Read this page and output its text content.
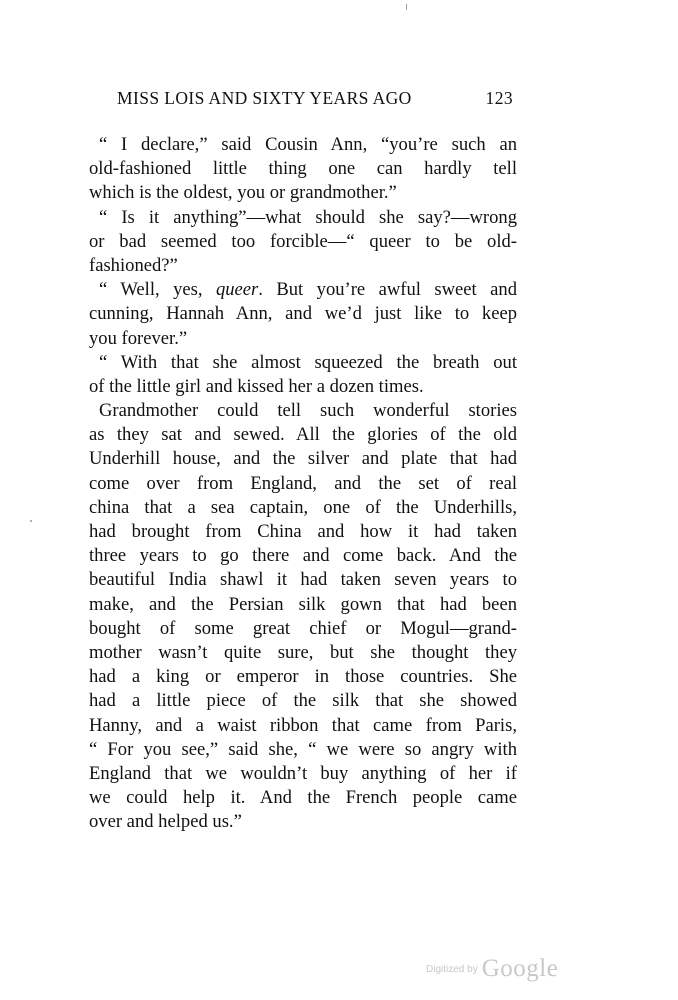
MISS LOIS AND SIXTY YEARS AGO	123
“ I declare,” said Cousin Ann, “you’re such an
old-fashioned little thing one can hardly tell
which is the oldest, you or grandmother.”
“ Is it anything”—what should she say?—wrong
or bad seemed too forcible—“ queer to be old-
fashioned?”
“ Well, yes, queer. But you’re awful sweet and
cunning, Hannah Ann, and we’d just like to keep
you forever.”
“ With that she almost squeezed the breath out
of the little girl and kissed her a dozen times.
Grandmother could tell such wonderful stories
as they sat and sewed. All the glories of the old
Underhill house, and the silver and plate that had
come over from England, and the set of real
china that a sea captain, one of the Underhills,
had brought from China and how it had taken
three years to go there and come back. And the
beautiful India shawl it had taken seven years to
make, and the Persian silk gown that had been
bought of some great chief or Mogul—grand-
mother wasn’t quite sure, but she thought they
had a king or emperor in those countries. She
had a little piece of the silk that she showed
Hanny, and a waist ribbon that came from Paris,
“ For you see,” said she, “ we were so angry with
England that we wouldn’t buy anything of her if
we could help it. And the French people came
over and helped us.”
$^{Digitized by}$ Google
